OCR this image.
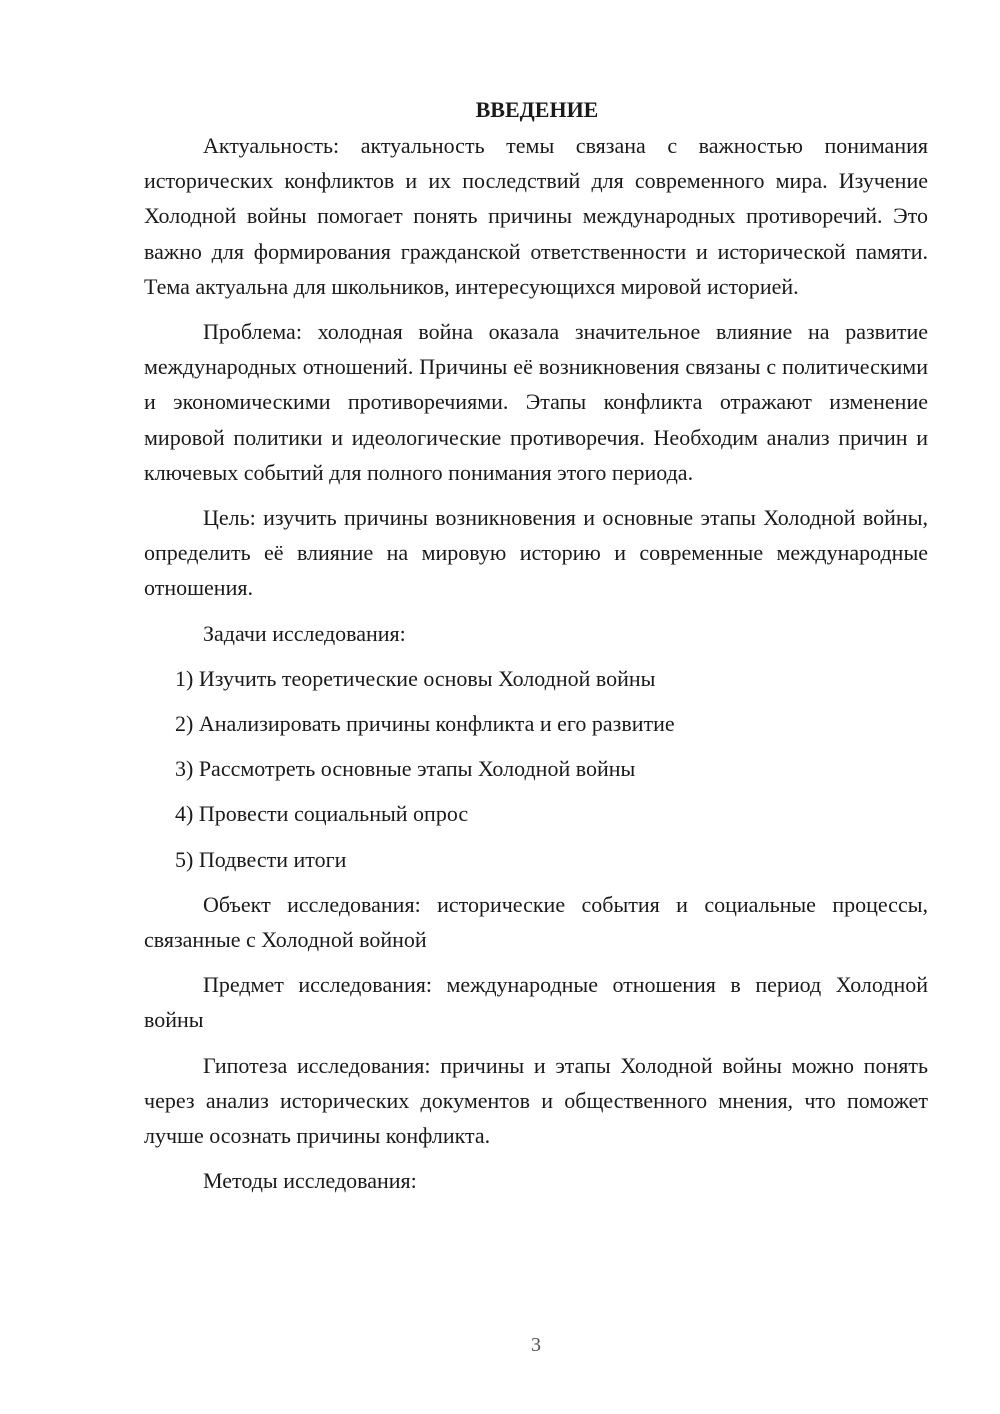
ВВЕДЕНИЕ

Актуальность: актуальность темы связана с важностью понимания исторических конфликтов и их последствий для современного мира. Изучение Холодной войны помогает понять причины международных противоречий. Это важно для формирования гражданской ответственности и исторической памяти. Тема актуальна для школьников, интересующихся мировой историей.

Проблема: холодная война оказала значительное влияние на развитие международных отношений. Причины её возникновения связаны с политическими и экономическими противоречиями. Этапы конфликта отражают изменение мировой политики и идеологические противоречия. Необходим анализ причин и ключевых событий для полного понимания этого периода.

Цель: изучить причины возникновения и основные этапы Холодной войны, определить её влияние на мировую историю и современные международные отношения.

Задачи исследования:

1) Изучить теоретические основы Холодной войны
2) Анализировать причины конфликта и его развитие
3) Рассмотреть основные этапы Холодной войны
4) Провести социальный опрос
5) Подвести итоги

Объект исследования: исторические события и социальные процессы, связанные с Холодной войной

Предмет исследования: международные отношения в период Холодной войны

Гипотеза исследования: причины и этапы Холодной войны можно понять через анализ исторических документов и общественного мнения, что поможет лучше осознать причины конфликта.

Методы исследования:

3
